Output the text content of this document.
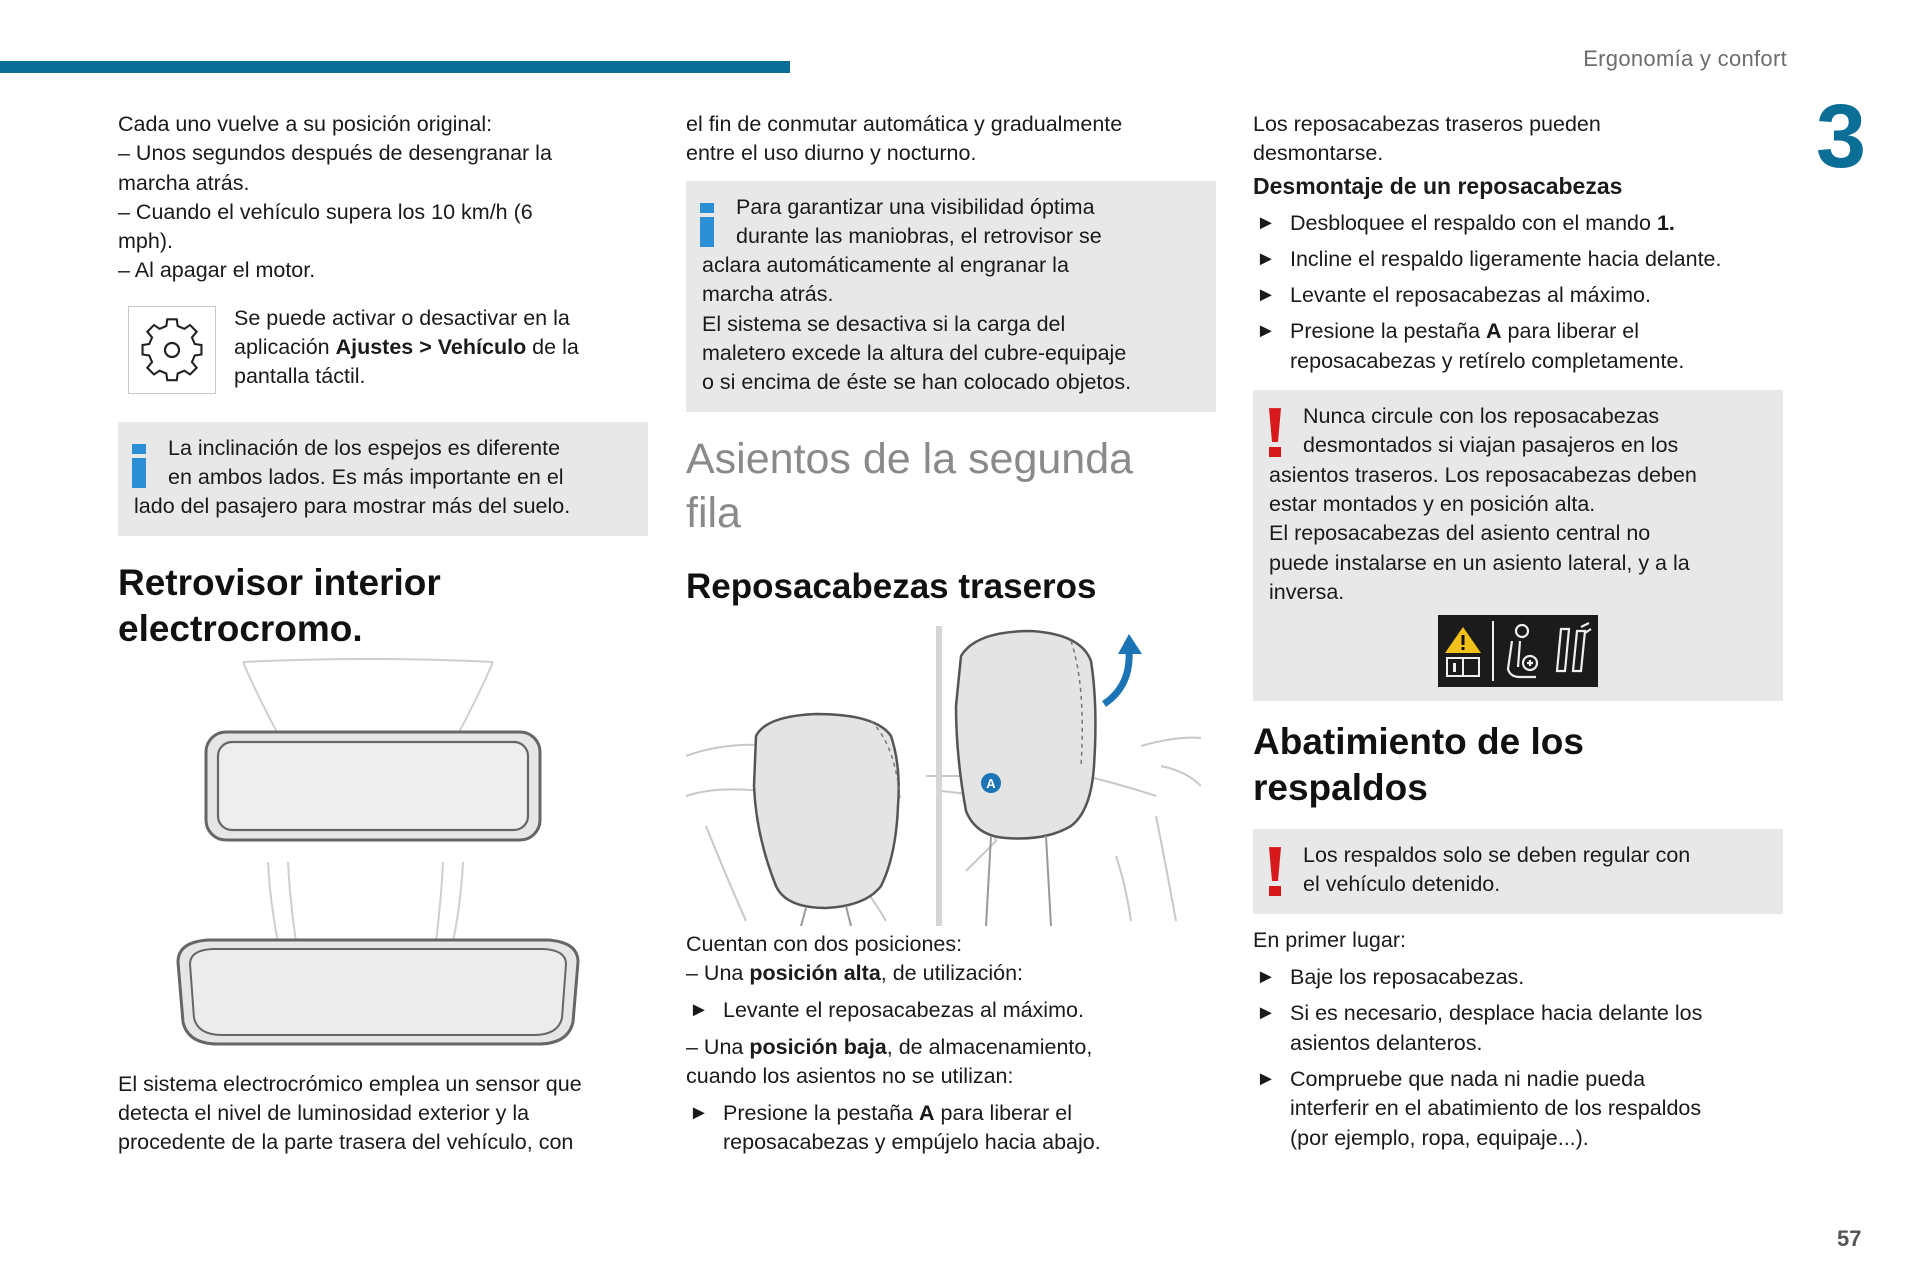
Ergonomía y confort
3
57

Cada uno vuelve a su posición original:

– Unos segundos después de desengranar la

marcha atrás.

– Cuando el vehículo supera los 10 km/h (6

mph).

– Al apagar el motor.

Se puede activar o desactivar en la

aplicación Ajustes > Vehículo de la

pantalla táctil.

La inclinación de los espejos es diferente

en ambos lados. Es más importante en el

lado del pasajero para mostrar más del suelo.

Retrovisor interior

electrocromo.

El sistema electrocrómico emplea un sensor que

detecta el nivel de luminosidad exterior y la

procedente de la parte trasera del vehículo, con

el fin de conmutar automática y gradualmente

entre el uso diurno y nocturno.

Para garantizar una visibilidad óptima

durante las maniobras, el retrovisor se

aclara automáticamente al engranar la

marcha atrás.

El sistema se desactiva si la carga del

maletero excede la altura del cubre-equipaje

o si encima de éste se han colocado objetos.

Asientos de la segunda

fila

Reposacabezas traseros

A

Cuentan con dos posiciones:

– Una posición alta, de utilización:

► Levante el reposacabezas al máximo.

– Una posición baja, de almacenamiento,

cuando los asientos no se utilizan:

► Presione la pestaña A para liberar el

reposacabezas y empújelo hacia abajo.

Los reposacabezas traseros pueden

desmontarse.

Desmontaje de un reposacabezas

► Desbloquee el respaldo con el mando 1.

► Incline el respaldo ligeramente hacia delante.

► Levante el reposacabezas al máximo.

► Presione la pestaña A para liberar el

reposacabezas y retírelo completamente.

Nunca circule con los reposacabezas

desmontados si viajan pasajeros en los

asientos traseros. Los reposacabezas deben

estar montados y en posición alta.

El reposacabezas del asiento central no

puede instalarse en un asiento lateral, y a la

inversa.

Abatimiento de los

respaldos

Los respaldos solo se deben regular con

el vehículo detenido.

En primer lugar:

► Baje los reposacabezas.

► Si es necesario, desplace hacia delante los

asientos delanteros.

► Compruebe que nada ni nadie pueda

interferir en el abatimiento de los respaldos

(por ejemplo, ropa, equipaje...).
